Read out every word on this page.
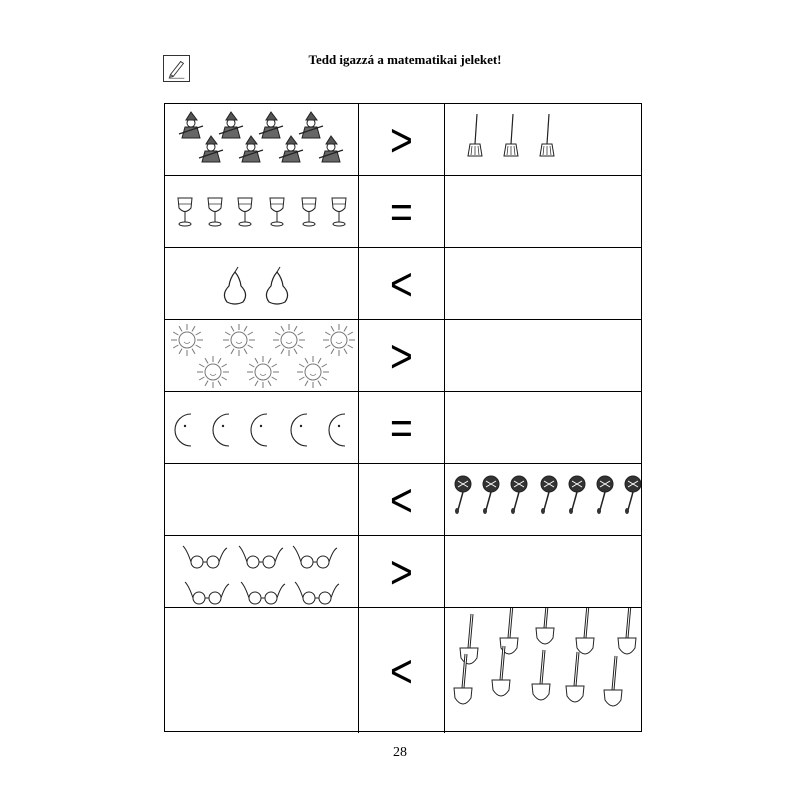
Tedd igazzá a matematikai jeleket!
>
=
<
>
=
<
>
<
28
